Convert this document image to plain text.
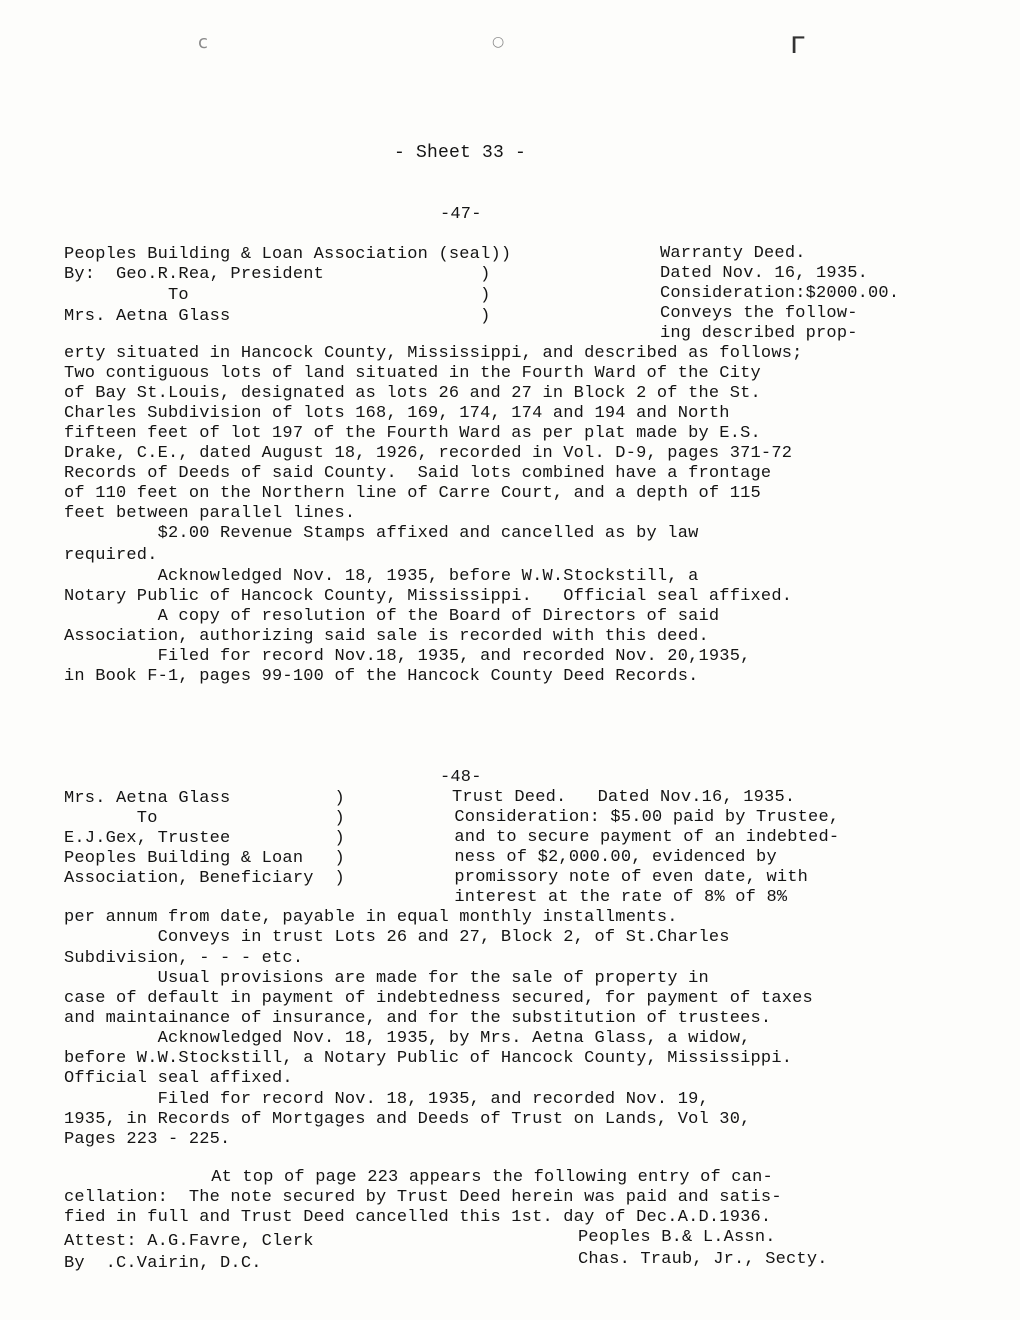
с	○	г
- Sheet 33 -
-47-
Peoples Building & Loan Association (seal))
By:  Geo.R.Rea, President               )
To                            )
Mrs. Aetna Glass                        )
Warranty Deed.
Dated Nov. 16, 1935.
Consideration:$2000.00.
Conveys the follow-
ing described prop-
erty situated in Hancock County, Mississippi, and described as follows;
Two contiguous lots of land situated in the Fourth Ward of the City
of Bay St.Louis, designated as lots 26 and 27 in Block 2 of the St.
Charles Subdivision of lots 168, 169, 174, 174 and 194 and North
fifteen feet of lot 197 of the Fourth Ward as per plat made by E.S.
Drake, C.E., dated August 18, 1926, recorded in Vol. D-9, pages 371-72
Records of Deeds of said County.  Said lots combined have a frontage
of 110 feet on the Northern line of Carre Court, and a depth of 115
feet between parallel lines.
$2.00 Revenue Stamps affixed and cancelled as by law
required.
Acknowledged Nov. 18, 1935, before W.W.Stockstill, a
Notary Public of Hancock County, Mississippi.   Official seal affixed.
A copy of resolution of the Board of Directors of said
Association, authorizing said sale is recorded with this deed.
Filed for record Nov.18, 1935, and recorded Nov. 20,1935,
in Book F-1, pages 99-100 of the Hancock County Deed Records.
-48-
Mrs. Aetna Glass          )
To                 )
E.J.Gex, Trustee          )
Peoples Building & Loan   )
Association, Beneficiary  )
Trust Deed.   Dated Nov.16, 1935.
Consideration: $5.00 paid by Trustee,
and to secure payment of an indebted-
ness of $2,000.00, evidenced by
promissory note of even date, with
interest at the rate of 8% of 8%
per annum from date, payable in equal monthly installments.
Conveys in trust Lots 26 and 27, Block 2, of St.Charles
Subdivision, - - - etc.
Usual provisions are made for the sale of property in
case of default in payment of indebtedness secured, for payment of taxes
and maintainance of insurance, and for the substitution of trustees.
Acknowledged Nov. 18, 1935, by Mrs. Aetna Glass, a widow,
before W.W.Stockstill, a Notary Public of Hancock County, Mississippi.
Official seal affixed.
Filed for record Nov. 18, 1935, and recorded Nov. 19,
1935, in Records of Mortgages and Deeds of Trust on Lands, Vol 30,
Pages 223 - 225.
At top of page 223 appears the following entry of can-
cellation:  The note secured by Trust Deed herein was paid and satis-
fied in full and Trust Deed cancelled this 1st. day of Dec.A.D.1936.
Attest: A.G.Favre, Clerk
By  .C.Vairin, D.C.
Peoples B.& L.Assn.
Chas. Traub, Jr., Secty.
